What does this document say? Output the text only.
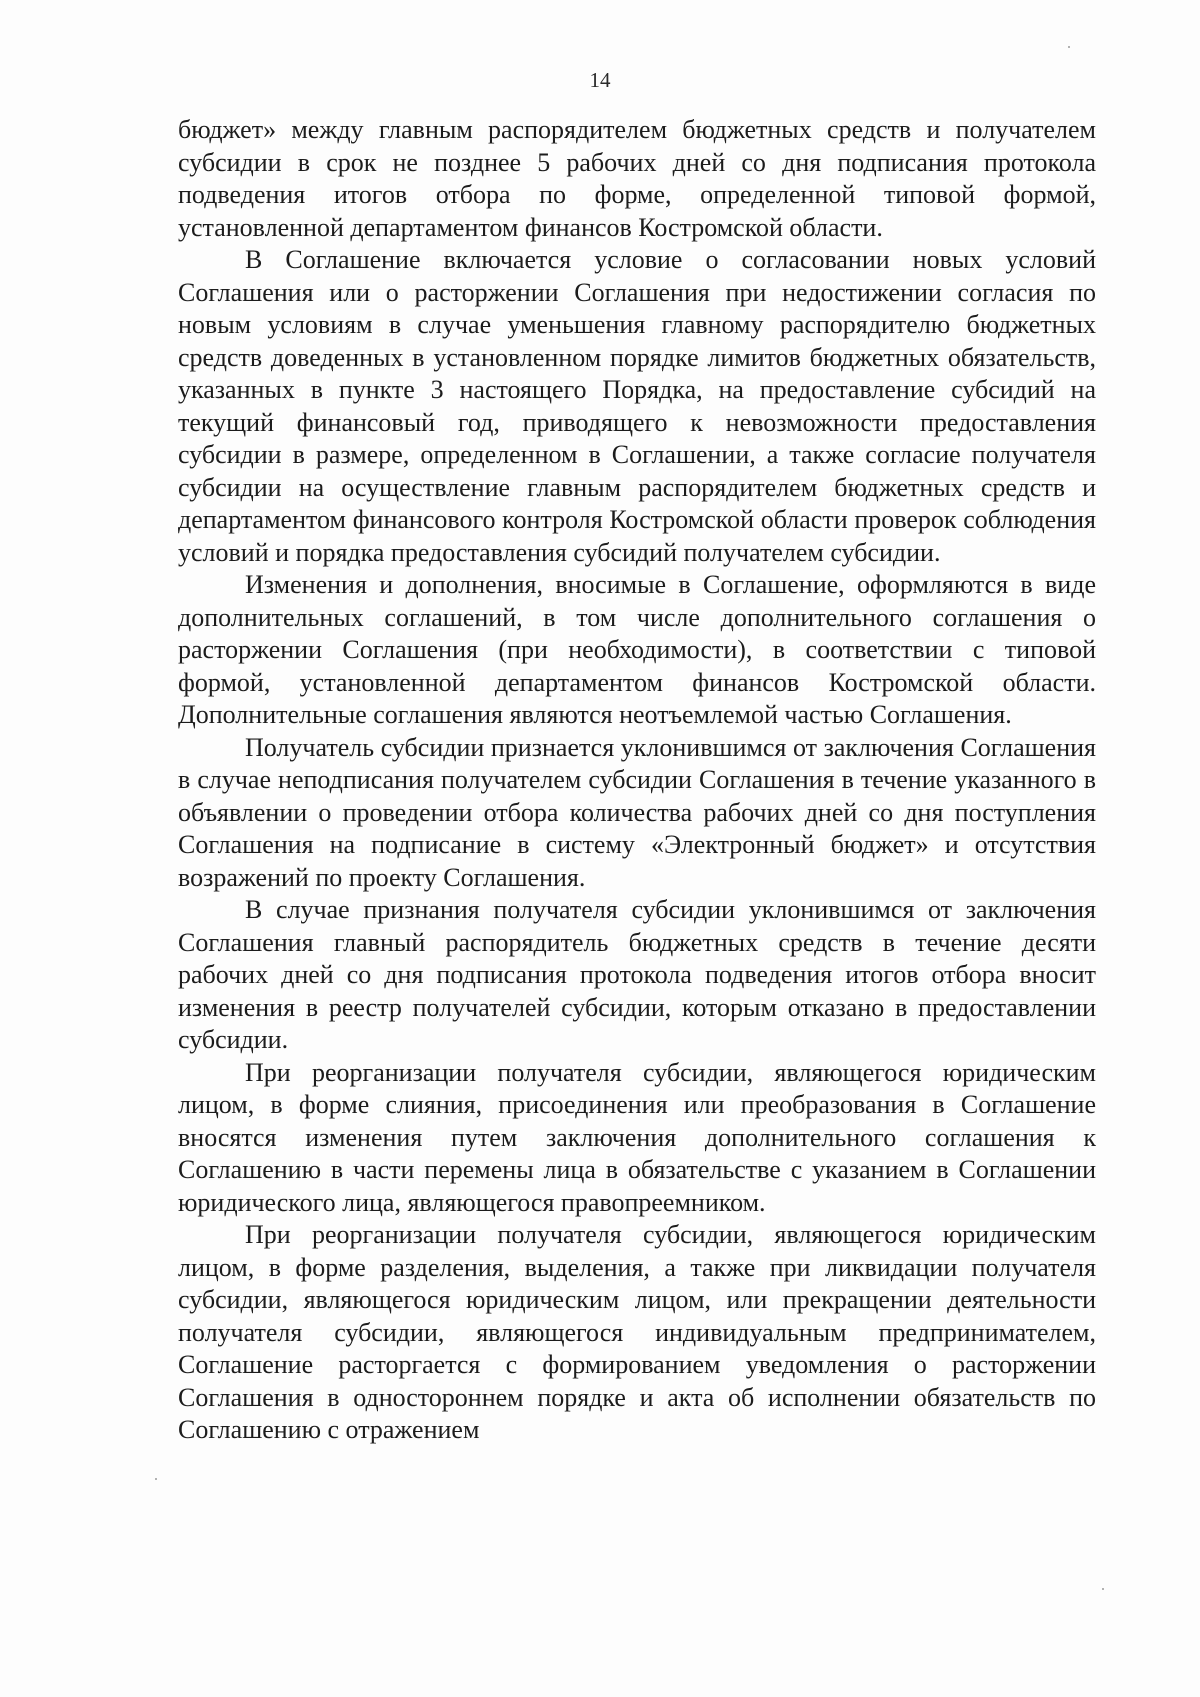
14

бюджет» между главным распорядителем бюджетных средств и получателем субсидии в срок не позднее 5 рабочих дней со дня подписания протокола подведения итогов отбора по форме, определенной типовой формой, установленной департаментом финансов Костромской области.

В Соглашение включается условие о согласовании новых условий Соглашения или о расторжении Соглашения при недостижении согласия по новым условиям в случае уменьшения главному распорядителю бюджетных средств доведенных в установленном порядке лимитов бюджетных обязательств, указанных в пункте 3 настоящего Порядка, на предоставление субсидий на текущий финансовый год, приводящего к невозможности предоставления субсидии в размере, определенном в Соглашении, а также согласие получателя субсидии на осуществление главным распорядителем бюджетных средств и департаментом финансового контроля Костромской области проверок соблюдения условий и порядка предоставления субсидий получателем субсидии.

Изменения и дополнения, вносимые в Соглашение, оформляются в виде дополнительных соглашений, в том числе дополнительного соглашения о расторжении Соглашения (при необходимости), в соответствии с типовой формой, установленной департаментом финансов Костромской области. Дополнительные соглашения являются неотъемлемой частью Соглашения.

Получатель субсидии признается уклонившимся от заключения Соглашения в случае неподписания получателем субсидии Соглашения в течение указанного в объявлении о проведении отбора количества рабочих дней со дня поступления Соглашения на подписание в систему «Электронный бюджет» и отсутствия возражений по проекту Соглашения.

В случае признания получателя субсидии уклонившимся от заключения Соглашения главный распорядитель бюджетных средств в течение десяти рабочих дней со дня подписания протокола подведения итогов отбора вносит изменения в реестр получателей субсидии, которым отказано в предоставлении субсидии.

При реорганизации получателя субсидии, являющегося юридическим лицом, в форме слияния, присоединения или преобразования в Соглашение вносятся изменения путем заключения дополнительного соглашения к Соглашению в части перемены лица в обязательстве с указанием в Соглашении юридического лица, являющегося правопреемником.

При реорганизации получателя субсидии, являющегося юридическим лицом, в форме разделения, выделения, а также при ликвидации получателя субсидии, являющегося юридическим лицом, или прекращении деятельности получателя субсидии, являющегося индивидуальным предпринимателем, Соглашение расторгается с формированием уведомления о расторжении Соглашения в одностороннем порядке и акта об исполнении обязательств по Соглашению с отражением
